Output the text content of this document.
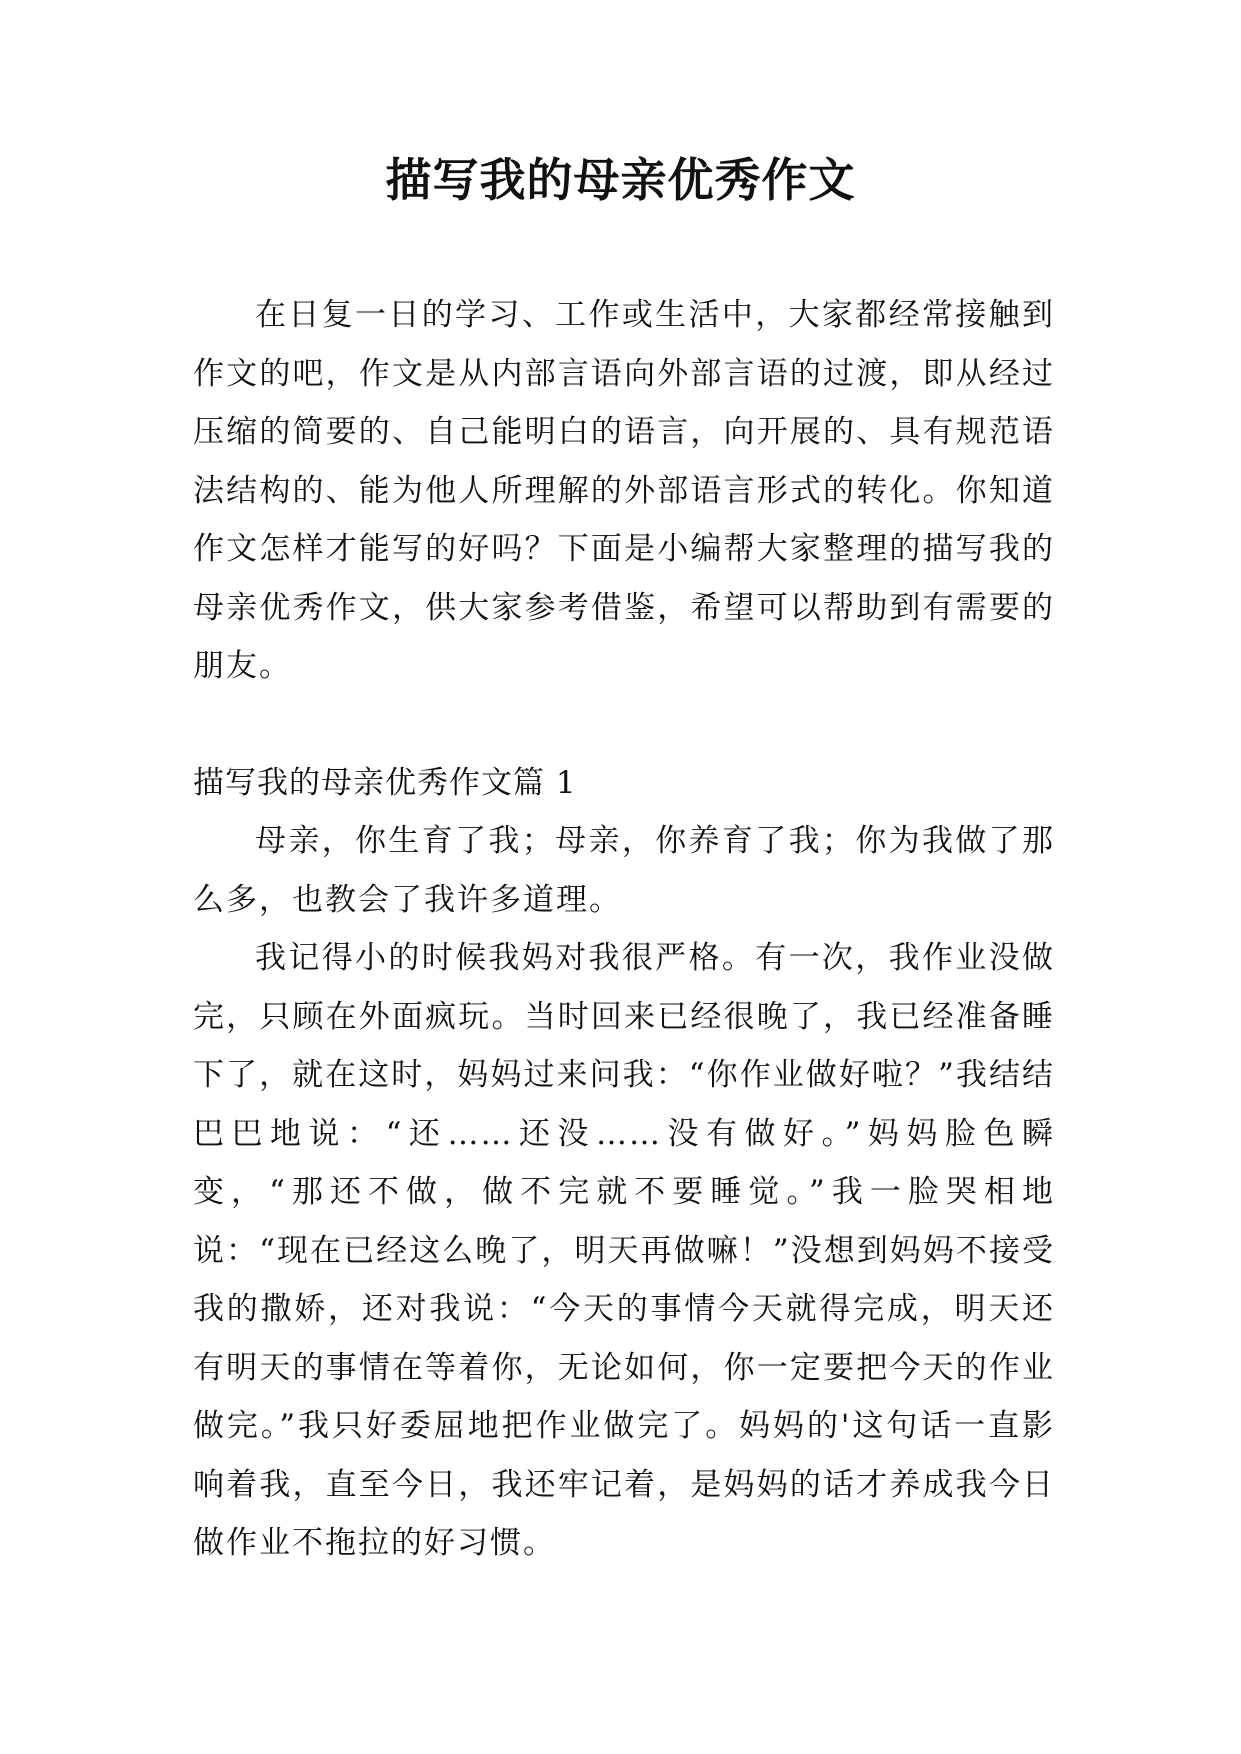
描写我的母亲优秀作文

在日复一日的学习、工作或生活中，大家都经常接触到作文的吧，作文是从内部言语向外部言语的过渡，即从经过压缩的简要的、自己能明白的语言，向开展的、具有规范语法结构的、能为他人所理解的外部语言形式的转化。你知道作文怎样才能写的好吗？下面是小编帮大家整理的描写我的母亲优秀作文，供大家参考借鉴，希望可以帮助到有需要的朋友。

描写我的母亲优秀作文篇 1

母亲，你生育了我；母亲，你养育了我；你为我做了那么多，也教会了我许多道理。

我记得小的时候我妈对我很严格。有一次，我作业没做完，只顾在外面疯玩。当时回来已经很晚了，我已经准备睡下了，就在这时，妈妈过来问我：“你作业做好啦？”我结结巴巴地说：“还……还没……没有做好。”妈妈脸色瞬变，“那还不做，做不完就不要睡觉。”我一脸哭相地说：“现在已经这么晚了，明天再做嘛！”没想到妈妈不接受我的撒娇，还对我说：“今天的事情今天就得完成，明天还有明天的事情在等着你，无论如何，你一定要把今天的作业做完。”我只好委屈地把作业做完了。妈妈的'这句话一直影响着我，直至今日，我还牢记着，是妈妈的话才养成我今日做作业不拖拉的好习惯。
